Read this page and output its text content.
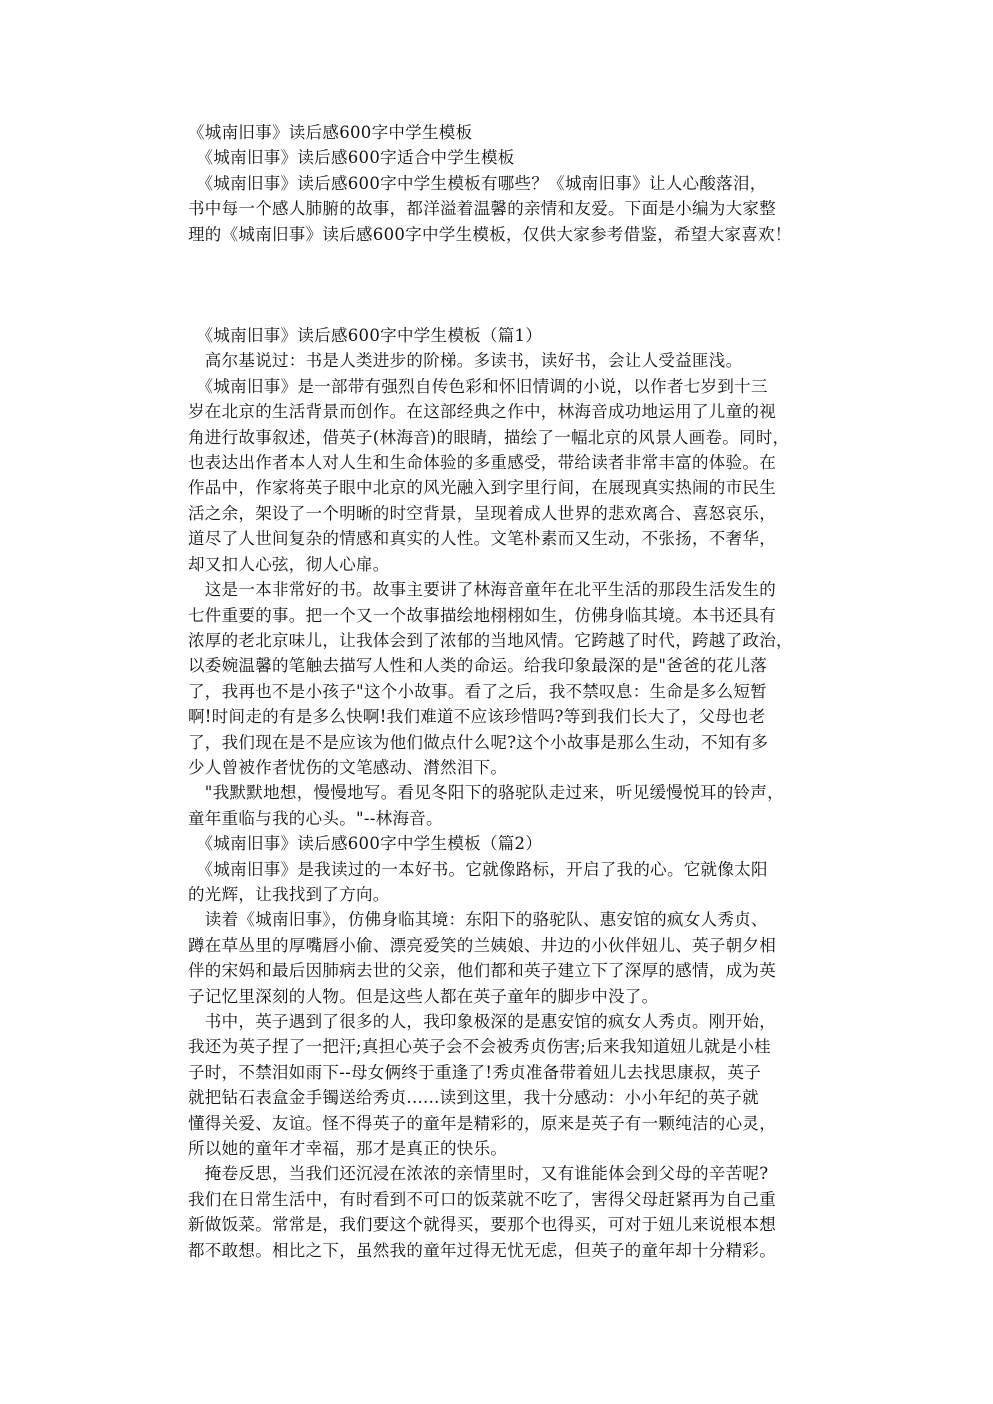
《城南旧事》读后感600字中学生模板

　《城南旧事》读后感600字适合中学生模板

　《城南旧事》读后感600字中学生模板有哪些？《城南旧事》让人心酸落泪，
书中每一个感人肺腑的故事，都洋溢着温馨的亲情和友爱。下面是小编为大家整
理的《城南旧事》读后感600字中学生模板，仅供大家参考借鉴，希望大家喜欢！

　《城南旧事》读后感600字中学生模板（篇1）

　高尔基说过：书是人类进步的阶梯。多读书，读好书，会让人受益匪浅。

　《城南旧事》是一部带有强烈自传色彩和怀旧情调的小说，以作者七岁到十三
岁在北京的生活背景而创作。在这部经典之作中，林海音成功地运用了儿童的视
角进行故事叙述，借英子(林海音)的眼睛，描绘了一幅北京的风景人画卷。同时，
也表达出作者本人对人生和生命体验的多重感受，带给读者非常丰富的体验。在
作品中，作家将英子眼中北京的风光融入到字里行间，在展现真实热闹的市民生
活之余，架设了一个明晰的时空背景，呈现着成人世界的悲欢离合、喜怒哀乐，
道尽了人世间复杂的情感和真实的人性。文笔朴素而又生动，不张扬，不奢华，
却又扣人心弦，彻人心扉。

　这是一本非常好的书。故事主要讲了林海音童年在北平生活的那段生活发生的
七件重要的事。把一个又一个故事描绘地栩栩如生，仿佛身临其境。本书还具有
浓厚的老北京味儿，让我体会到了浓郁的当地风情。它跨越了时代，跨越了政治，
以委婉温馨的笔触去描写人性和人类的命运。给我印象最深的是"爸爸的花儿落
了，我再也不是小孩子"这个小故事。看了之后，我不禁叹息：生命是多么短暂
啊!时间走的有是多么快啊!我们难道不应该珍惜吗?等到我们长大了，父母也老
了，我们现在是不是应该为他们做点什么呢?这个小故事是那么生动，不知有多
少人曾被作者忧伤的文笔感动、潸然泪下。

　"我默默地想，慢慢地写。看见冬阳下的骆驼队走过来，听见缓慢悦耳的铃声，
童年重临与我的心头。"--林海音。

　《城南旧事》读后感600字中学生模板（篇2）

　《城南旧事》是我读过的一本好书。它就像路标，开启了我的心。它就像太阳
的光辉，让我找到了方向。

　读着《城南旧事》，仿佛身临其境：东阳下的骆驼队、惠安馆的疯女人秀贞、
蹲在草丛里的厚嘴唇小偷、漂亮爱笑的兰姨娘、井边的小伙伴妞儿、英子朝夕相
伴的宋妈和最后因肺病去世的父亲，他们都和英子建立下了深厚的感情，成为英
子记忆里深刻的人物。但是这些人都在英子童年的脚步中没了。

　书中，英子遇到了很多的人，我印象极深的是惠安馆的疯女人秀贞。刚开始，
我还为英子捏了一把汗;真担心英子会不会被秀贞伤害;后来我知道妞儿就是小桂
子时，不禁泪如雨下--母女俩终于重逢了!秀贞准备带着妞儿去找思康叔，英子
就把钻石表盒金手镯送给秀贞......读到这里，我十分感动：小小年纪的英子就
懂得关爱、友谊。怪不得英子的童年是精彩的，原来是英子有一颗纯洁的心灵，
所以她的童年才幸福，那才是真正的快乐。

　掩卷反思，当我们还沉浸在浓浓的亲情里时，又有谁能体会到父母的辛苦呢?
我们在日常生活中，有时看到不可口的饭菜就不吃了，害得父母赶紧再为自己重
新做饭菜。常常是，我们要这个就得买，要那个也得买，可对于妞儿来说根本想
都不敢想。相比之下，虽然我的童年过得无忧无虑，但英子的童年却十分精彩。
